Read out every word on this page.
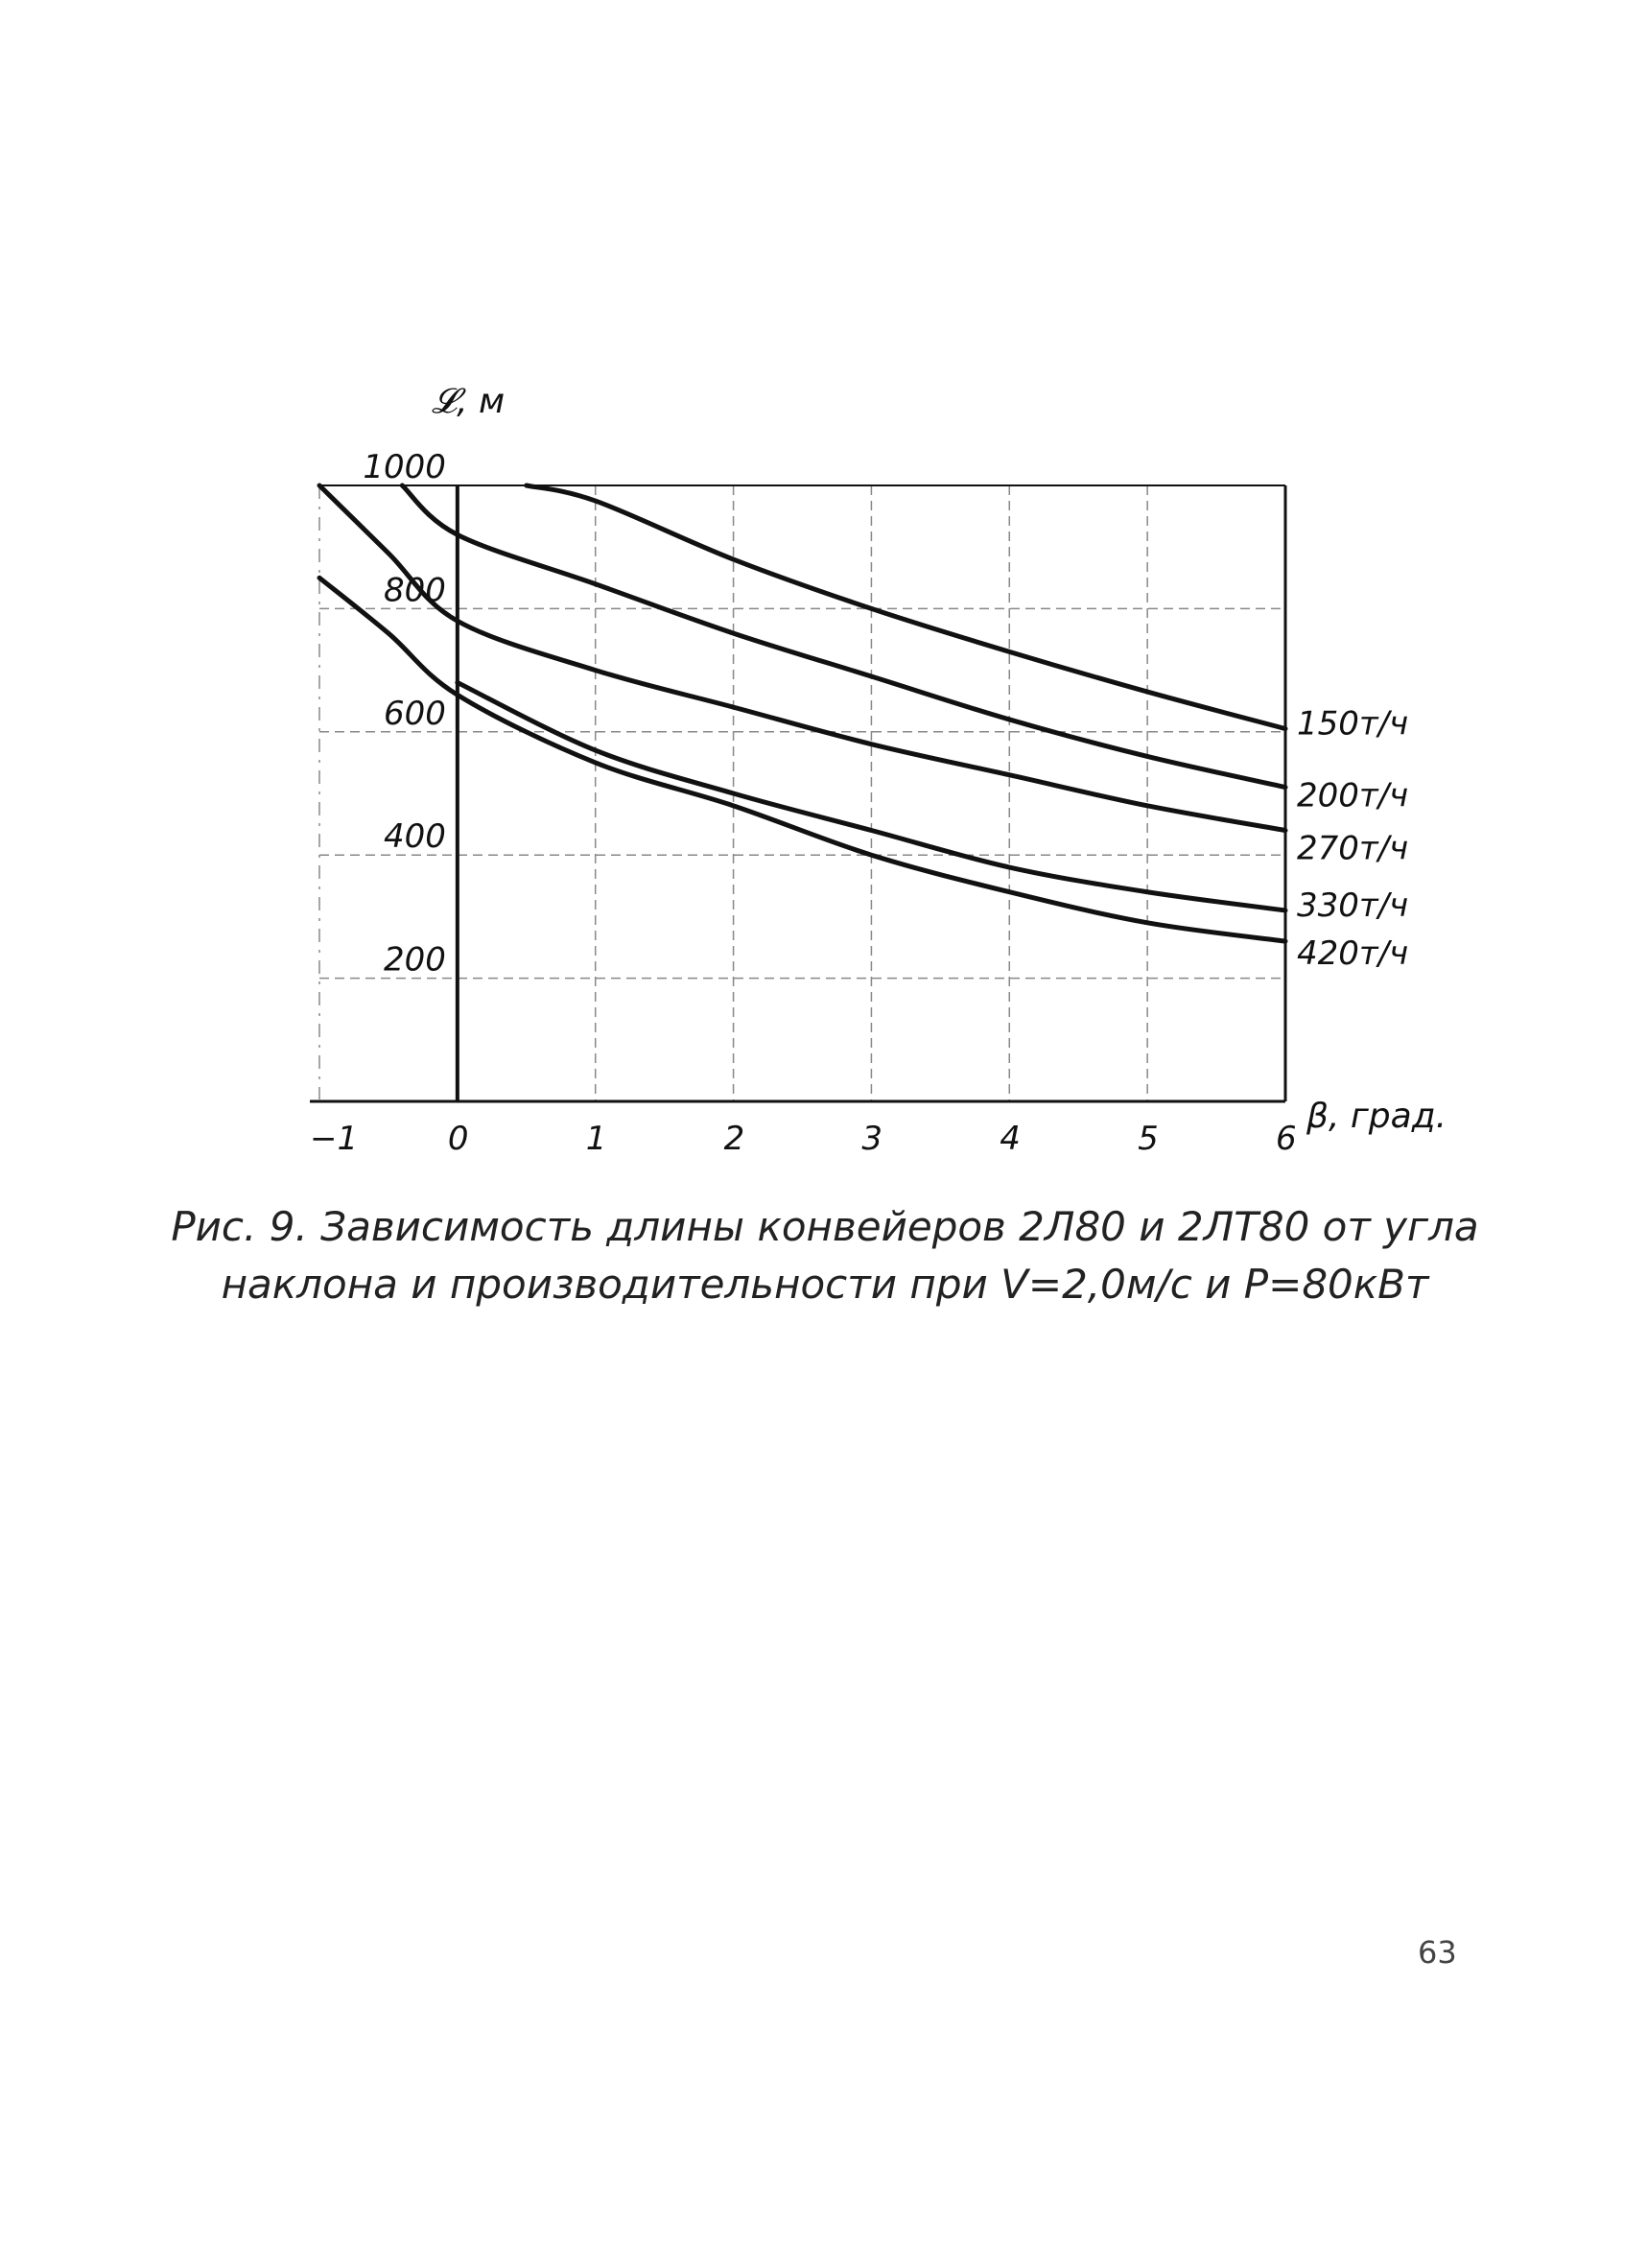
−1	0	1	2	3	4	5	6
200
400
600
800
1000
150т/ч
200т/ч
270т/ч
330т/ч
420т/ч
𝓛, м
β, град.
Рис. 9. Зависимость длины конвейеров 2Л80 и 2ЛТ80 от угла
наклона и производительности при V=2,0м/с и P=80кВт
63
